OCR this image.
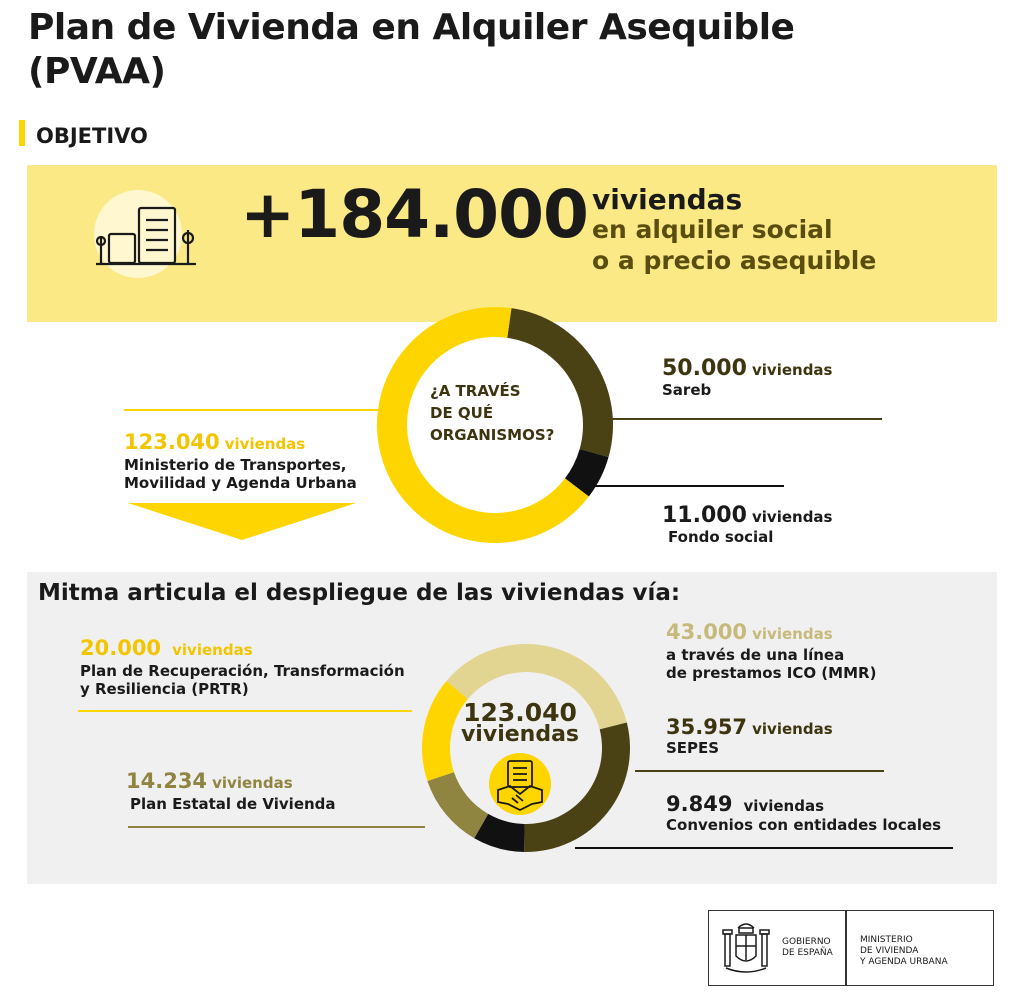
Plan de Vivienda en Alquiler Asequible
(PVAA)
OBJETIVO
+184.000 viviendas
en alquiler social
o a precio asequible
¿A TRAVÉS
DE QUÉ
ORGANISMOS?
123.040 viviendas
Ministerio de Transportes,
Movilidad y Agenda Urbana
50.000 viviendas
Sareb
11.000 viviendas
Fondo social
Mitma articula el despliegue de las viviendas vía:
123.040
viviendas
20.000 viviendas
Plan de Recuperación, Transformación
y Resiliencia (PRTR)
14.234 viviendas
Plan Estatal de Vivienda
43.000 viviendas
a través de una línea
de prestamos ICO (MMR)
35.957 viviendas
SEPES
9.849 viviendas
Convenios con entidades locales
GOBIERNO
DE ESPAÑA
MINISTERIO
DE VIVIENDA
Y AGENDA URBANA
